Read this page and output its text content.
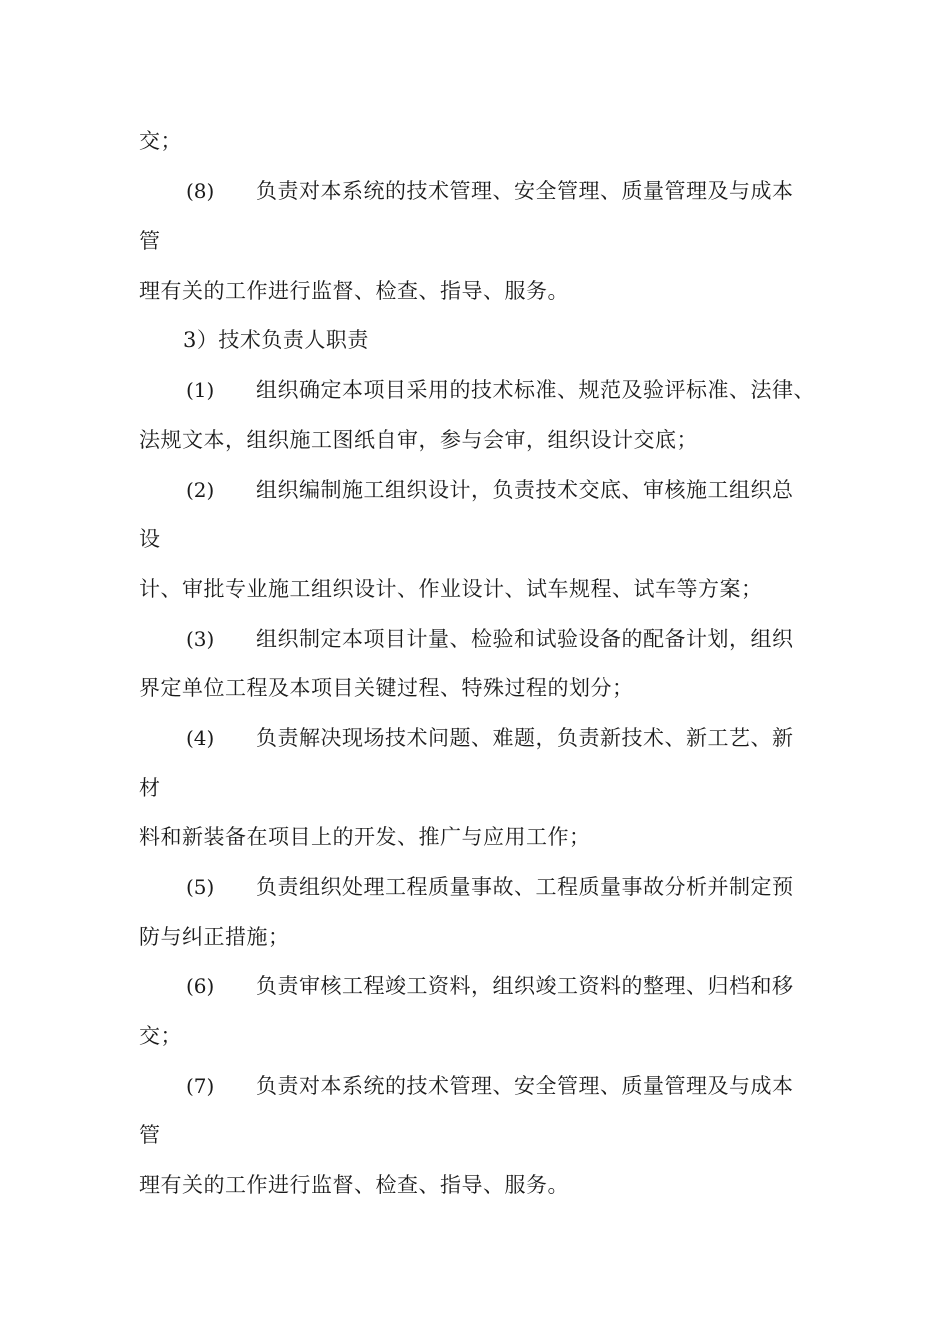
交；
(8) 负责对本系统的技术管理、安全管理、质量管理及与成本
管
理有关的工作进行监督、检查、指导、服务。
3）技术负责人职责
(1) 组织确定本项目采用的技术标准、规范及验评标准、法律、
法规文本，组织施工图纸自审，参与会审，组织设计交底；
(2) 组织编制施工组织设计，负责技术交底、审核施工组织总
设
计、审批专业施工组织设计、作业设计、试车规程、试车等方案；
(3) 组织制定本项目计量、检验和试验设备的配备计划，组织
界定单位工程及本项目关键过程、特殊过程的划分；
(4) 负责解决现场技术问题、难题，负责新技术、新工艺、新
材
料和新装备在项目上的开发、推广与应用工作；
(5) 负责组织处理工程质量事故、工程质量事故分析并制定预
防与纠正措施；
(6) 负责审核工程竣工资料，组织竣工资料的整理、归档和移
交；
(7) 负责对本系统的技术管理、安全管理、质量管理及与成本
管
理有关的工作进行监督、检查、指导、服务。
